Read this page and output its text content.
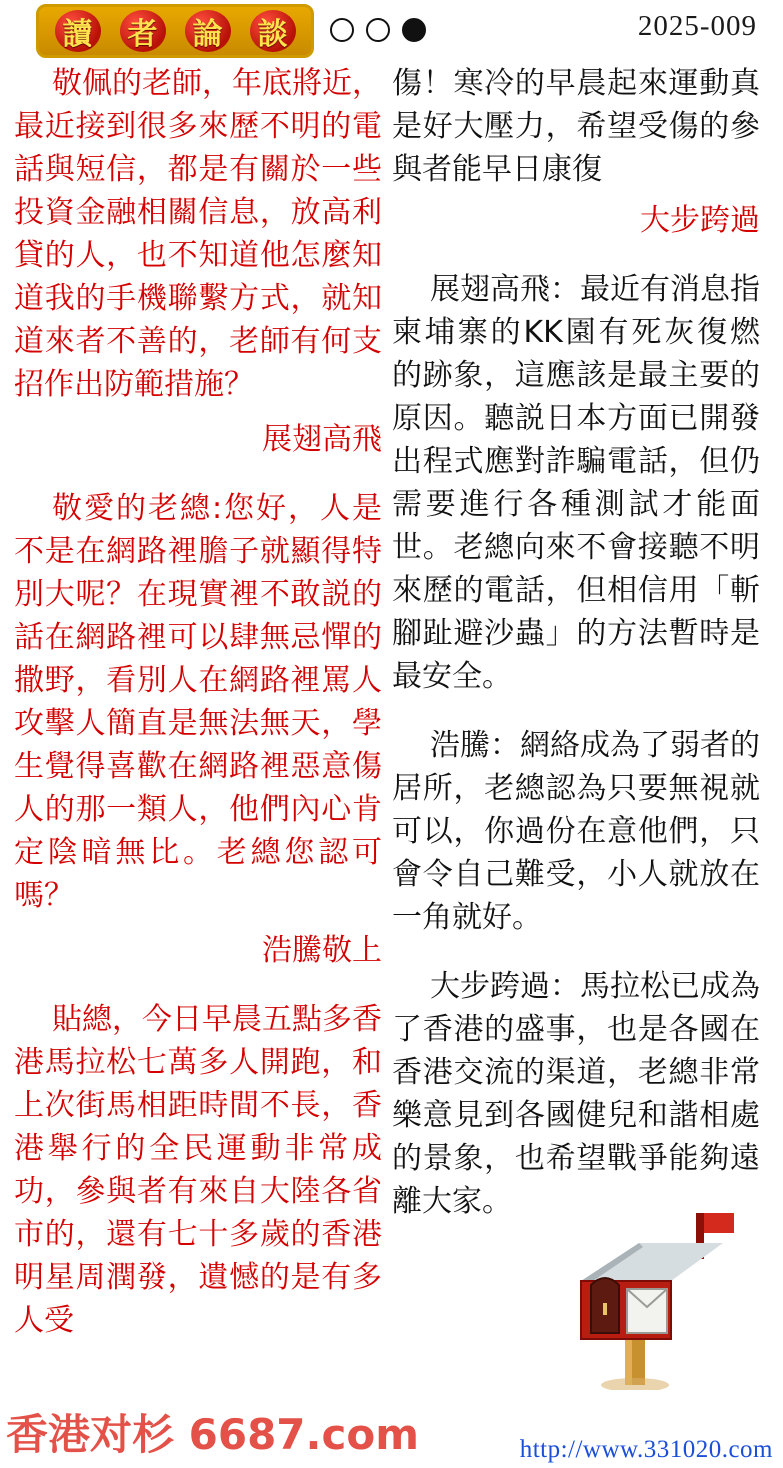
讀 者 論 談	2025-009

敬佩的老師，年底將近，最近接到很多來歷不明的電話與短信，都是有關於一些投資金融相關信息，放高利貸的人，也不知道他怎麼知道我的手機聯繫方式，就知道來者不善的，老師有何支招作出防範措施？

展翅高飛

敬愛的老總:您好，人是不是在網路裡膽子就顯得特別大呢？在現實裡不敢説的話在網路裡可以肆無忌憚的撒野，看別人在網路裡罵人攻擊人簡直是無法無天，學生覺得喜歡在網路裡惡意傷人的那一類人，他們內心肯定陰暗無比。老總您認可嗎？

浩騰敬上

貼總，今日早晨五點多香港馬拉松七萬多人開跑，和上次街馬相距時間不長，香港舉行的全民運動非常成功，參與者有來自大陸各省市的，還有七十多歲的香港明星周潤發，遺憾的是有多人受

傷！寒冷的早晨起來運動真是好大壓力，希望受傷的參與者能早日康復

大步跨過

展翅高飛：最近有消息指柬埔寨的KK園有死灰復燃的跡象，這應該是最主要的原因。聽説日本方面已開發出程式應對詐騙電話，但仍需要進行各種測試才能面世。老總向來不會接聽不明來歷的電話，但相信用「斬腳趾避沙蟲」的方法暫時是最安全。

浩騰：網絡成為了弱者的居所，老總認為只要無視就可以，你過份在意他們，只會令自己難受，小人就放在一角就好。

大步跨過：馬拉松已成為了香港的盛事，也是各國在香港交流的渠道，老總非常樂意見到各國健兒和諧相處的景象，也希望戰爭能夠遠離大家。

香港对杉 6687.com	http://www.331020.com
